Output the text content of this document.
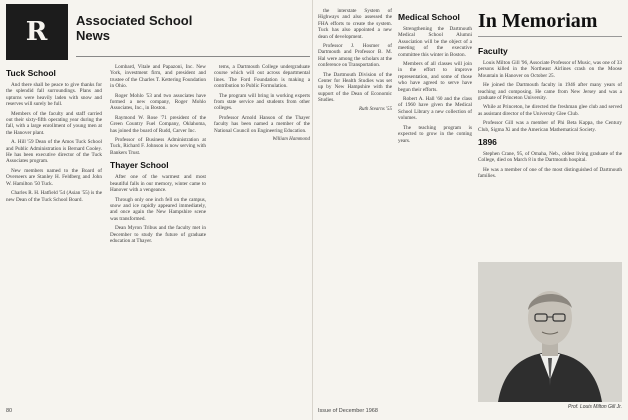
R	Associated School News
Tuck School

And there shall be peace to give thanks for the splendid fall surroundings. Plans and upturns were heavily laden with snow and reserves will surely be full.

Members of the faculty and staff carried out their sixty-fifth operating year during the fall, with a large enrollment of young men at the Hanover plant.

A. Hill '59 Dean of the Amos Tuck School and Public Administration is Bernard Cooley. He has been executive director of the Tuck Associates program.

New members named to the Board of Overseers are Stanley H. Feldberg and John W. Hamilton '50 Tuck.

Charles R. H. Hatfield '54 (Asian '55) is the new Dean of the Tuck School Board.

Lombard, Vitale and Papazoni, Inc. New York, investment firm, and president and trustee of the Charles T. Kettering Foundation in Ohio.

Roger Mohlo '53 and two associates have formed a new company, Roger Mohlo Associates, Inc., in Boston.

Raymond W. Rose '71 president of the Green Country Fuel Company, Oklahoma, has joined the board of Rudd, Carver Inc.

Professor of Business Administration at Tuck, Richard F. Johnson is now serving with Bankers Trust.

Thayer School

After one of the warmest and most beautiful falls in our memory, winter came to Hanover with a vengeance.

Through only one inch fell on the campus, snow and ice rapidly appeared immediately, and once again the New Hampshire scene was transformed.

Dean Myron Tribus and the faculty met in December to study the future of graduate education at Thayer.

tems, a Dartmouth College undergraduate course which will out across departmental lines. The Ford Foundation is making a contribution to Public Formulation.

The program will bring in working experts from state service and students from other colleges.

Professor Arnold Hanson of the Thayer faculty has been named a member of the National Council on Engineering Education.

William Hammond
80
In Memoriam

the interstate System of Highways and also assessed the FHA efforts to create the system. Tuck has also appointed a new dean of development.

Professor J. Hosmer of Dartmouth and Professor B. M. Hal were among the scholars at the conference on Transportation.

The Dartmouth Division of the Center for Health Studies was set up by New Hampshire with the support of the Dean of Economic Studies.

Ruth Stearns '55
Medical School

Strengthening the Dartmouth Medical School Alumni Association will be the object of a meeting of the executive committee this winter in Boston.

Members of all classes will join in the effort to improve representation, and some of those who have agreed to serve have begun their efforts.

Robert A. Hall '60 and the class of 1960 have given the Medical School Library a new collection of volumes.

The teaching program is expected to grow in the coming years.

Faculty

Louis Milton Gill '96, Associate Professor of Music, was one of 33 persons killed in the Northeast Airlines crash on the Moose Mountain in Hanover on October 25.

He joined the Dartmouth faculty in 1946 after many years of teaching and composing. He came from New Jersey and was a graduate of Princeton University.

While at Princeton, he directed the freshman glee club and served as assistant director of the University Glee Club.

Professor Gill was a member of Phi Beta Kappa, the Century Club, Sigma Xi and the American Mathematical Society.

1896

Stephen Crane, 95, of Omaha, Neb., oldest living graduate of the College, died on March 8 in the Dartmouth hospital.

He was a member of one of the most distinguished of Dartmouth families.

Prof. Louis Milton Gill Jr.
Issue of December 1968
